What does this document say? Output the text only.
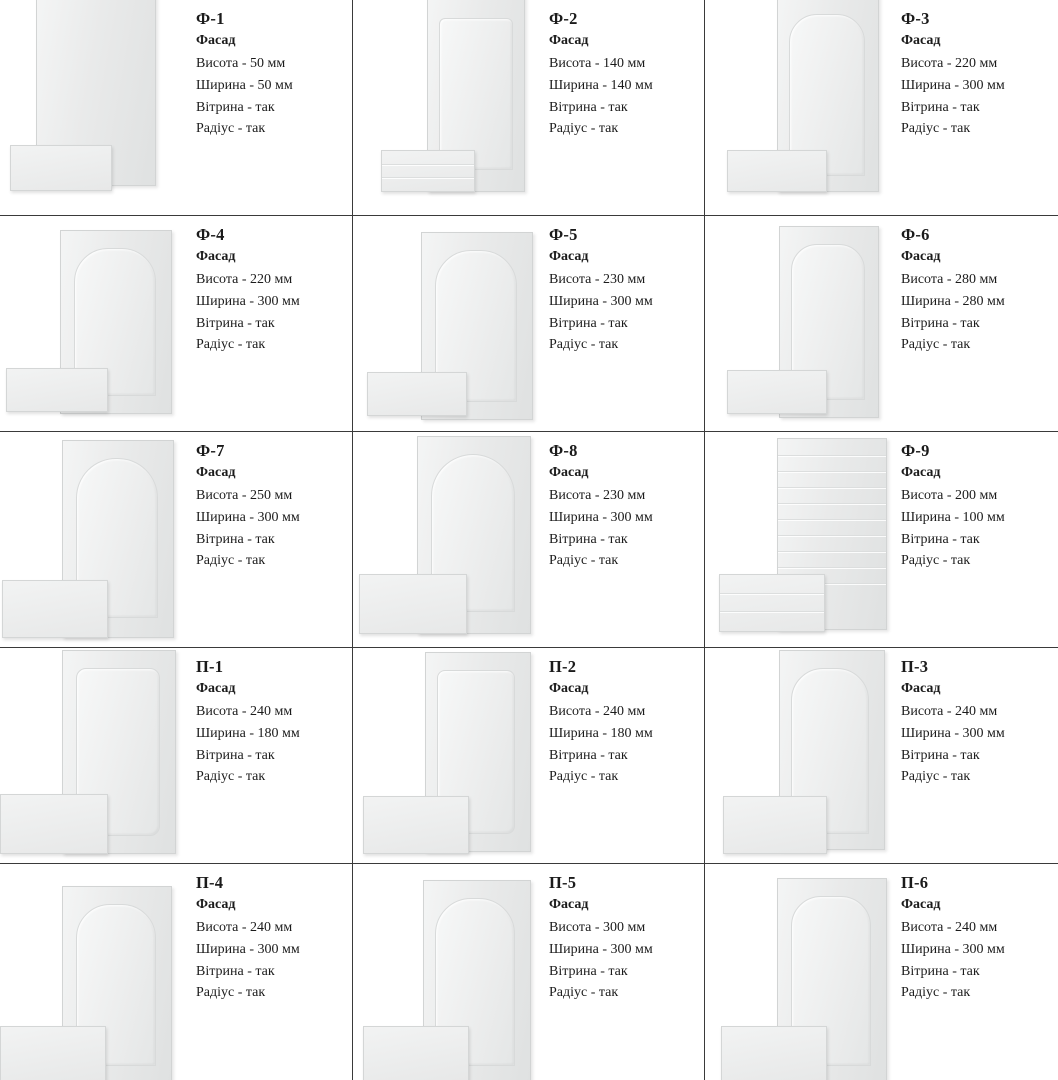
Ф-1
Фасад
Висота - 50 мм
Ширина - 50 мм
Вітрина - так
Радіус - так
Ф-2
Фасад
Висота - 140 мм
Ширина - 140 мм
Вітрина - так
Радіус - так
Ф-3
Фасад
Висота - 220 мм
Ширина - 300 мм
Вітрина - так
Радіус - так
Ф-4
Фасад
Висота - 220 мм
Ширина - 300 мм
Вітрина - так
Радіус - так
Ф-5
Фасад
Висота - 230 мм
Ширина - 300 мм
Вітрина - так
Радіус - так
Ф-6
Фасад
Висота - 280 мм
Ширина - 280 мм
Вітрина - так
Радіус - так
Ф-7
Фасад
Висота - 250 мм
Ширина - 300 мм
Вітрина - так
Радіус - так
Ф-8
Фасад
Висота - 230 мм
Ширина - 300 мм
Вітрина - так
Радіус - так
Ф-9
Фасад
Висота - 200 мм
Ширина - 100 мм
Вітрина - так
Радіус - так
П-1
Фасад
Висота - 240 мм
Ширина - 180 мм
Вітрина - так
Радіус - так
П-2
Фасад
Висота - 240 мм
Ширина - 180 мм
Вітрина - так
Радіус - так
П-3
Фасад
Висота - 240 мм
Ширина - 300 мм
Вітрина - так
Радіус - так
П-4
Фасад
Висота - 240 мм
Ширина - 300 мм
Вітрина - так
Радіус - так
П-5
Фасад
Висота - 300 мм
Ширина - 300 мм
Вітрина - так
Радіус - так
П-6
Фасад
Висота - 240 мм
Ширина - 300 мм
Вітрина - так
Радіус - так
